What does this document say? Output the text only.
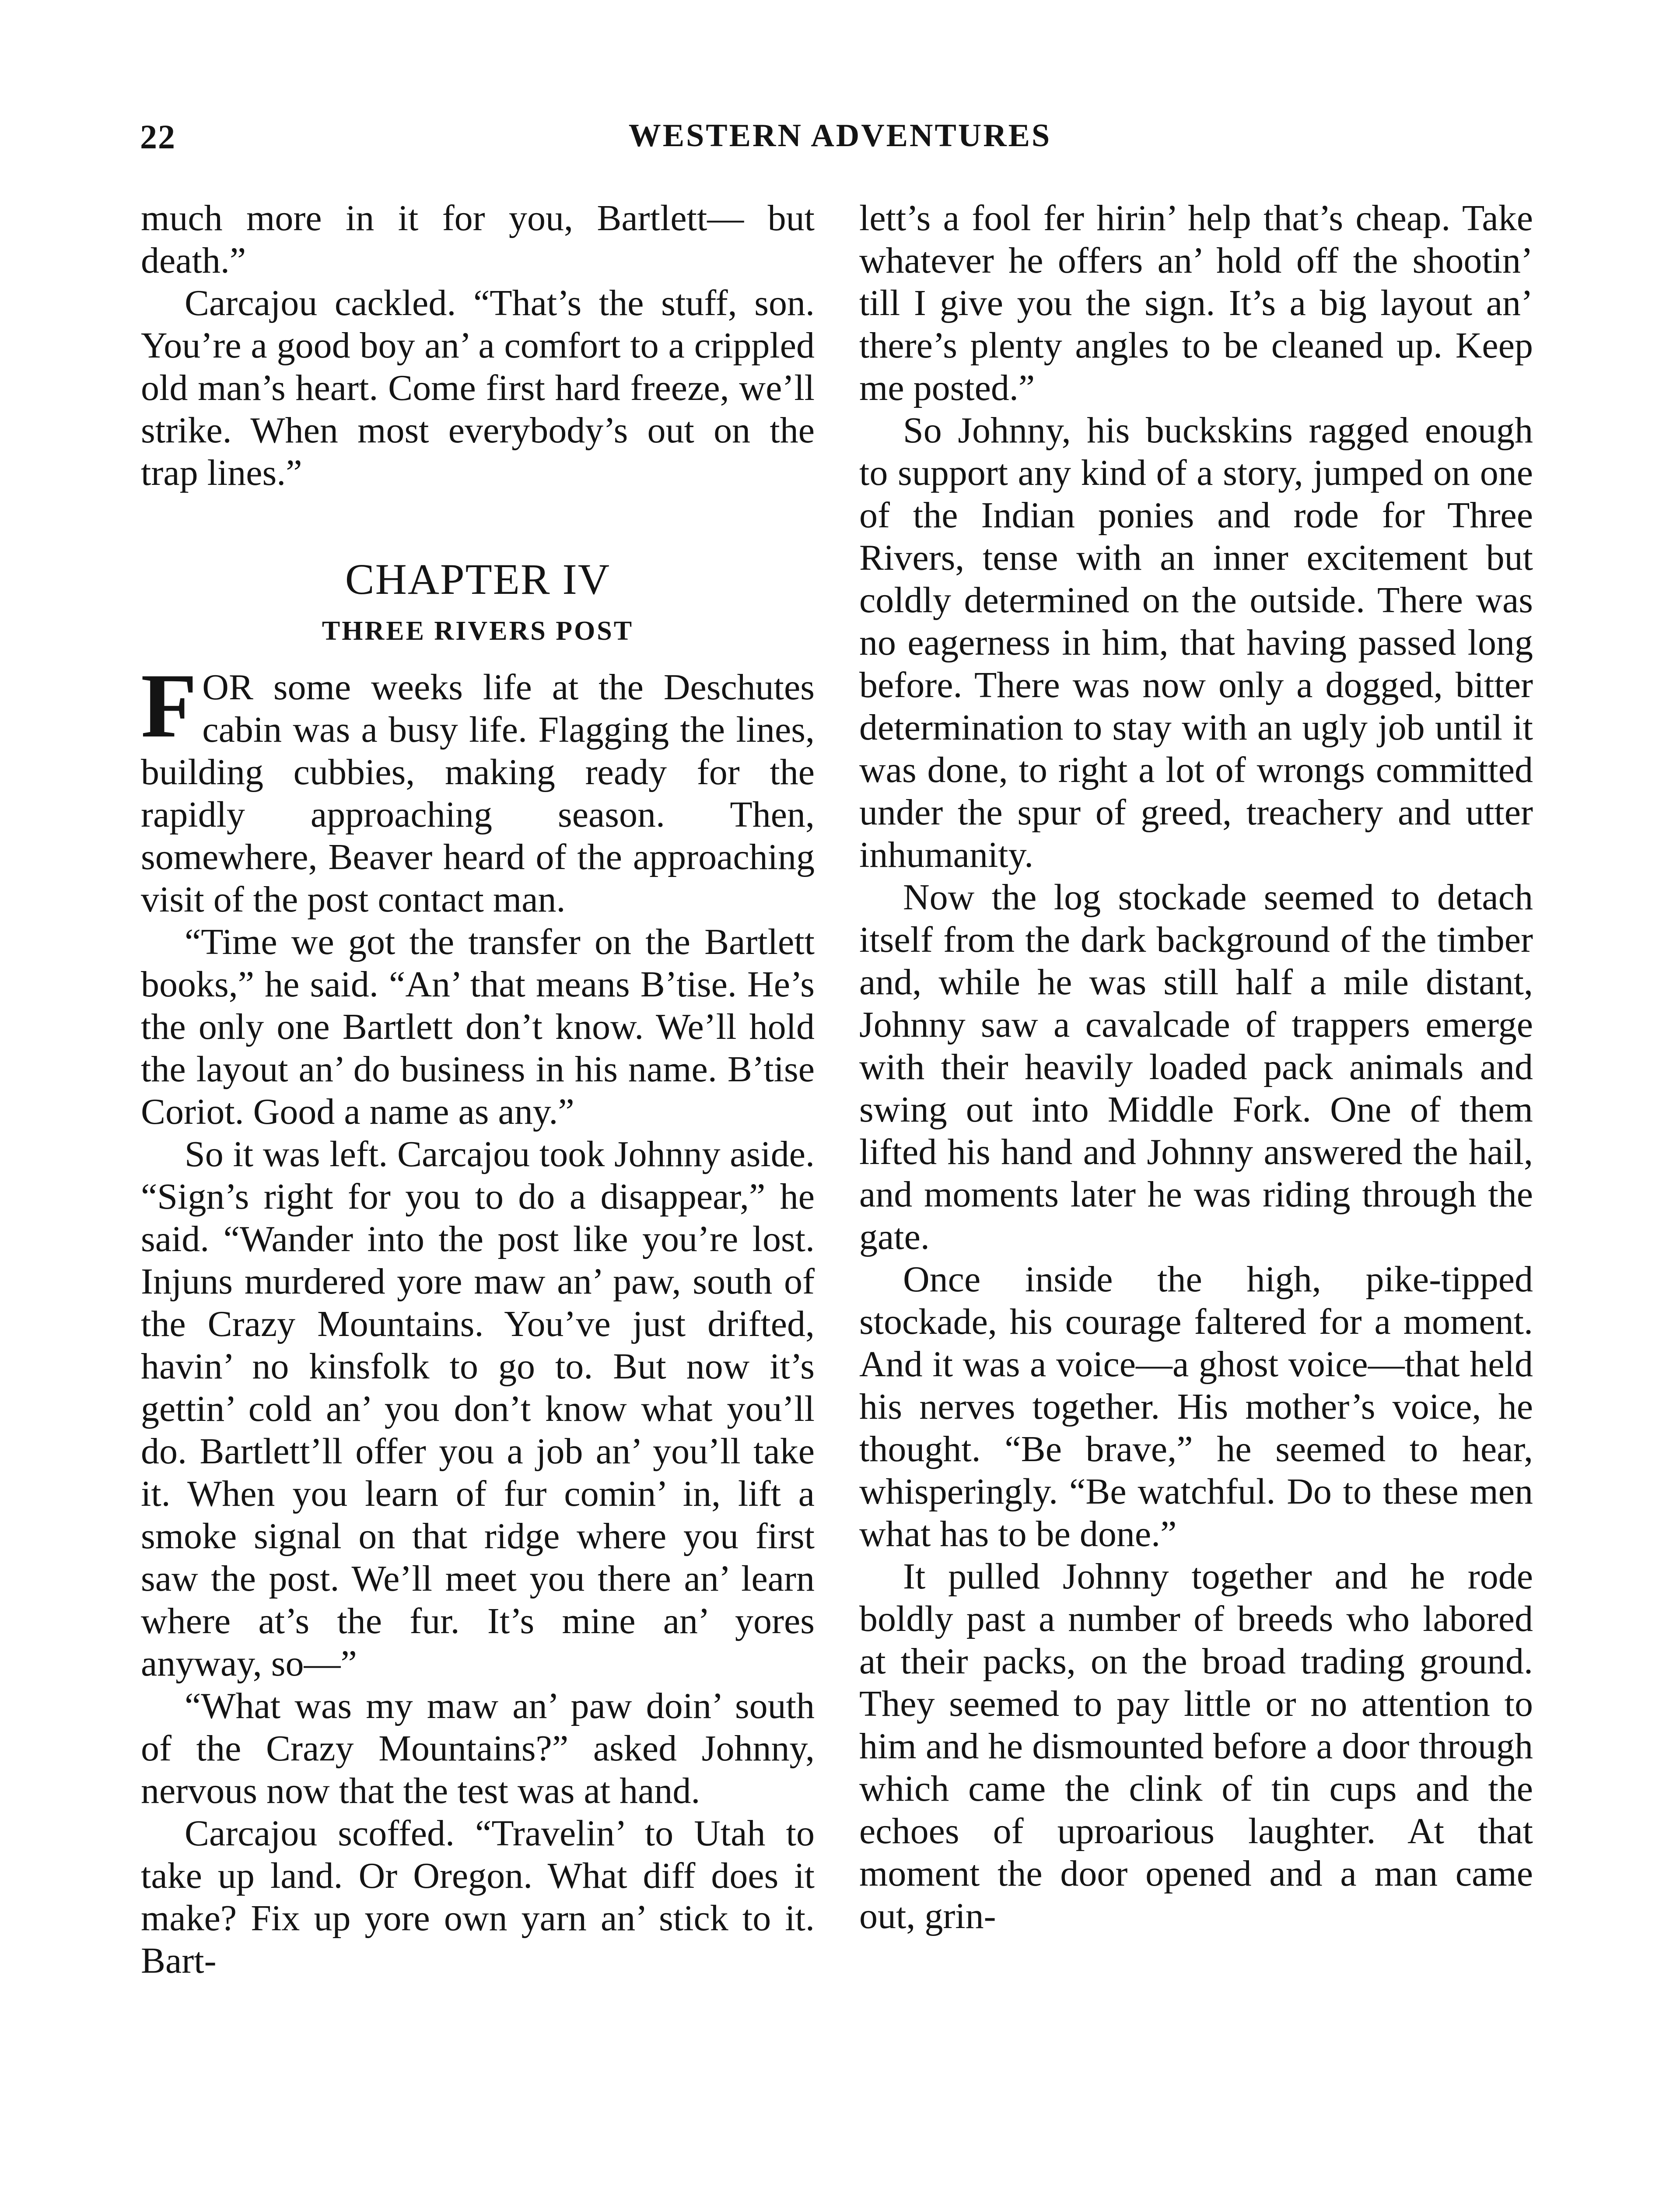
22	WESTERN ADVENTURES

much more in it for you, Bartlett— but death.”

Carcajou cackled. “That’s the stuff, son. You’re a good boy an’ a comfort to a crippled old man’s heart. Come first hard freeze, we’ll strike. When most everybody’s out on the trap lines.”

CHAPTER IV
THREE RIVERS POST

FOR some weeks life at the Deschutes cabin was a busy life. Flagging the lines, building cubbies, making ready for the rapidly approaching season. Then, somewhere, Beaver heard of the approaching visit of the post contact man.

“Time we got the transfer on the Bartlett books,” he said. “An’ that means B’tise. He’s the only one Bartlett don’t know. We’ll hold the layout an’ do business in his name. B’tise Coriot. Good a name as any.”

So it was left. Carcajou took Johnny aside. “Sign’s right for you to do a disappear,” he said. “Wander into the post like you’re lost. Injuns murdered yore maw an’ paw, south of the Crazy Mountains. You’ve just drifted, havin’ no kinsfolk to go to. But now it’s gettin’ cold an’ you don’t know what you’ll do. Bartlett’ll offer you a job an’ you’ll take it. When you learn of fur comin’ in, lift a smoke signal on that ridge where you first saw the post. We’ll meet you there an’ learn where at’s the fur. It’s mine an’ yores anyway, so—”

“What was my maw an’ paw doin’ south of the Crazy Mountains?” asked Johnny, nervous now that the test was at hand.

Carcajou scoffed. “Travelin’ to Utah to take up land. Or Oregon. What diff does it make? Fix up yore own yarn an’ stick to it. Bart-

lett’s a fool fer hirin’ help that’s cheap. Take whatever he offers an’ hold off the shootin’ till I give you the sign. It’s a big layout an’ there’s plenty angles to be cleaned up. Keep me posted.”

So Johnny, his buckskins ragged enough to support any kind of a story, jumped on one of the Indian ponies and rode for Three Rivers, tense with an inner excitement but coldly determined on the outside. There was no eagerness in him, that having passed long before. There was now only a dogged, bitter determination to stay with an ugly job until it was done, to right a lot of wrongs committed under the spur of greed, treachery and utter inhumanity.

Now the log stockade seemed to detach itself from the dark background of the timber and, while he was still half a mile distant, Johnny saw a cavalcade of trappers emerge with their heavily loaded pack animals and swing out into Middle Fork. One of them lifted his hand and Johnny answered the hail, and moments later he was riding through the gate.

Once inside the high, pike-tipped stockade, his courage faltered for a moment. And it was a voice—a ghost voice—that held his nerves together. His mother’s voice, he thought. “Be brave,” he seemed to hear, whisperingly. “Be watchful. Do to these men what has to be done.”

It pulled Johnny together and he rode boldly past a number of breeds who labored at their packs, on the broad trading ground. They seemed to pay little or no attention to him and he dismounted before a door through which came the clink of tin cups and the echoes of uproarious laughter. At that moment the door opened and a man came out, grin-
